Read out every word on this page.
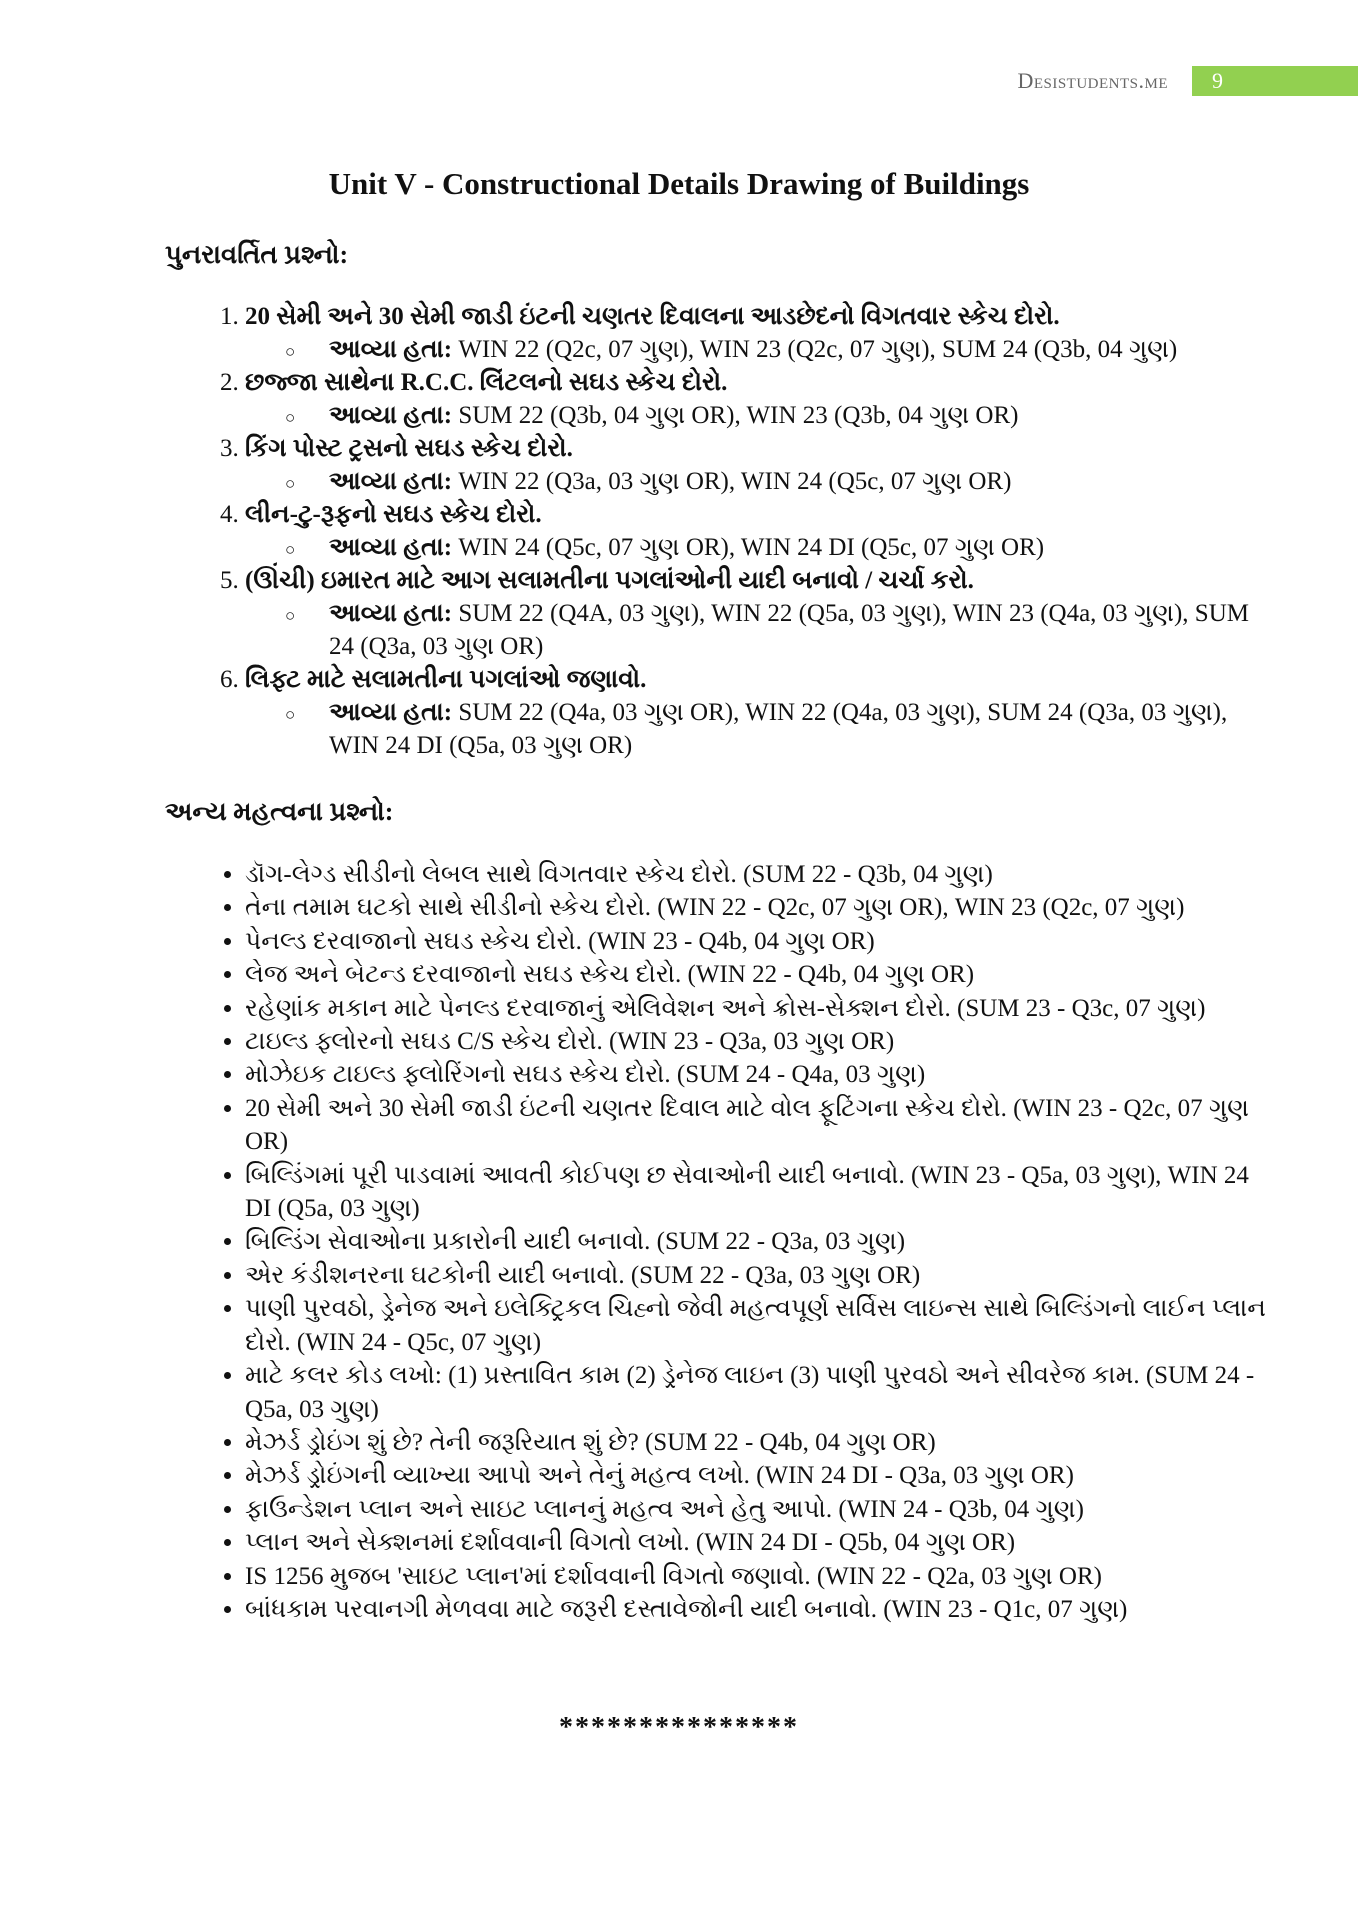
Desistudents.me	9
Unit V - Constructional Details Drawing of Buildings
પુનરાવર્તિત પ્રશ્નો:
1. 20 સેમી અને 30 સેમી જાડી ઇંટની ચણતર દિવાલના આડછેદનો વિગતવાર સ્કેચ દોરો.
○ આવ્યા હતા: WIN 22 (Q2c, 07 ગુણ), WIN 23 (Q2c, 07 ગુણ), SUM 24 (Q3b, 04 ગુણ)
2. છજ્જા સાથેના R.C.C. લિંટલનો સઘડ સ્કેચ દોરો.
○ આવ્યા હતા: SUM 22 (Q3b, 04 ગુણ OR), WIN 23 (Q3b, 04 ગુણ OR)
3. કિંગ પોસ્ટ ટ્રસનો સઘડ સ્કેચ દોરો.
○ આવ્યા હતા: WIN 22 (Q3a, 03 ગુણ OR), WIN 24 (Q5c, 07 ગુણ OR)
4. લીન-ટુ-રૂફનો સઘડ સ્કેચ દોરો.
○ આવ્યા હતા: WIN 24 (Q5c, 07 ગુણ OR), WIN 24 DI (Q5c, 07 ગુણ OR)
5. (ઊંચી) ઇમારત માટે આગ સલામતીના પગલાંઓની યાદી બનાવો / ચર્ચા કરો.
○ આવ્યા હતા: SUM 22 (Q4A, 03 ગુણ), WIN 22 (Q5a, 03 ગુણ), WIN 23 (Q4a, 03 ગુણ), SUM 24 (Q3a, 03 ગુણ OR)
6. લિફ્ટ માટે સલામતીના પગલાંઓ જણાવો.
○ આવ્યા હતા: SUM 22 (Q4a, 03 ગુણ OR), WIN 22 (Q4a, 03 ગુણ), SUM 24 (Q3a, 03 ગુણ), WIN 24 DI (Q5a, 03 ગુણ OR)
અન્ય મહત્વના પ્રશ્નો:
• ડૉગ-લેગ્ડ સીડીનો લેબલ સાથે વિગતવાર સ્કેચ દોરો. (SUM 22 - Q3b, 04 ગુણ)
• તેના તમામ ઘટકો સાથે સીડીનો સ્કેચ દોરો. (WIN 22 - Q2c, 07 ગુણ OR), WIN 23 (Q2c, 07 ગુણ)
• પેનલ્ડ દરવાજાનો સઘડ સ્કેચ દોરો. (WIN 23 - Q4b, 04 ગુણ OR)
• લેજ અને બેટન્ડ દરવાજાનો સઘડ સ્કેચ દોરો. (WIN 22 - Q4b, 04 ગુણ OR)
• રહેણાંક મકાન માટે પેનલ્ડ દરવાજાનું એલિવેશન અને ક્રોસ-સેક્શન દોરો. (SUM 23 - Q3c, 07 ગુણ)
• ટાઇલ્ડ ફ્લોરનો સઘડ C/S સ્કેચ દોરો. (WIN 23 - Q3a, 03 ગુણ OR)
• મોઝેઇક ટાઇલ્ડ ફ્લોરિંગનો સઘડ સ્કેચ દોરો. (SUM 24 - Q4a, 03 ગુણ)
• 20 સેમી અને 30 સેમી જાડી ઇંટની ચણતર દિવાલ માટે વોલ ફૂટિંગના સ્કેચ દોરો. (WIN 23 - Q2c, 07 ગુણ OR)
• બિલ્ડિંગમાં પૂરી પાડવામાં આવતી કોઈપણ છ સેવાઓની યાદી બનાવો. (WIN 23 - Q5a, 03 ગુણ), WIN 24 DI (Q5a, 03 ગુણ)
• બિલ્ડિંગ સેવાઓના પ્રકારોની યાદી બનાવો. (SUM 22 - Q3a, 03 ગુણ)
• એર કંડીશનરના ઘટકોની યાદી બનાવો. (SUM 22 - Q3a, 03 ગુણ OR)
• પાણી પુરવઠો, ડ્રેનેજ અને ઇલેક્ટ્રિકલ ચિહ્નો જેવી મહત્વપૂર્ણ સર્વિસ લાઇન્સ સાથે બિલ્ડિંગનો લાઈન પ્લાન દોરો. (WIN 24 - Q5c, 07 ગુણ)
• માટે કલર કોડ લખો: (1) પ્રસ્તાવિત કામ (2) ડ્રેનેજ લાઇન (3) પાણી પુરવઠો અને સીવરેજ કામ. (SUM 24 - Q5a, 03 ગુણ)
• મેઝર્ડ ડ્રોઇંગ શું છે? તેની જરૂરિયાત શું છે? (SUM 22 - Q4b, 04 ગુણ OR)
• મેઝર્ડ ડ્રોઇંગની વ્યાખ્યા આપો અને તેનું મહત્વ લખો. (WIN 24 DI - Q3a, 03 ગુણ OR)
• ફાઉન્ડેશન પ્લાન અને સાઇટ પ્લાનનું મહત્વ અને હેતુ આપો. (WIN 24 - Q3b, 04 ગુણ)
• પ્લાન અને સેક્શનમાં દર્શાવવાની વિગતો લખો. (WIN 24 DI - Q5b, 04 ગુણ OR)
• IS 1256 મુજબ 'સાઇટ પ્લાન'માં દર્શાવવાની વિગતો જણાવો. (WIN 22 - Q2a, 03 ગુણ OR)
• બાંધકામ પરવાનગી મેળવવા માટે જરૂરી દસ્તાવેજોની યાદી બનાવો. (WIN 23 - Q1c, 07 ગુણ)
***************
